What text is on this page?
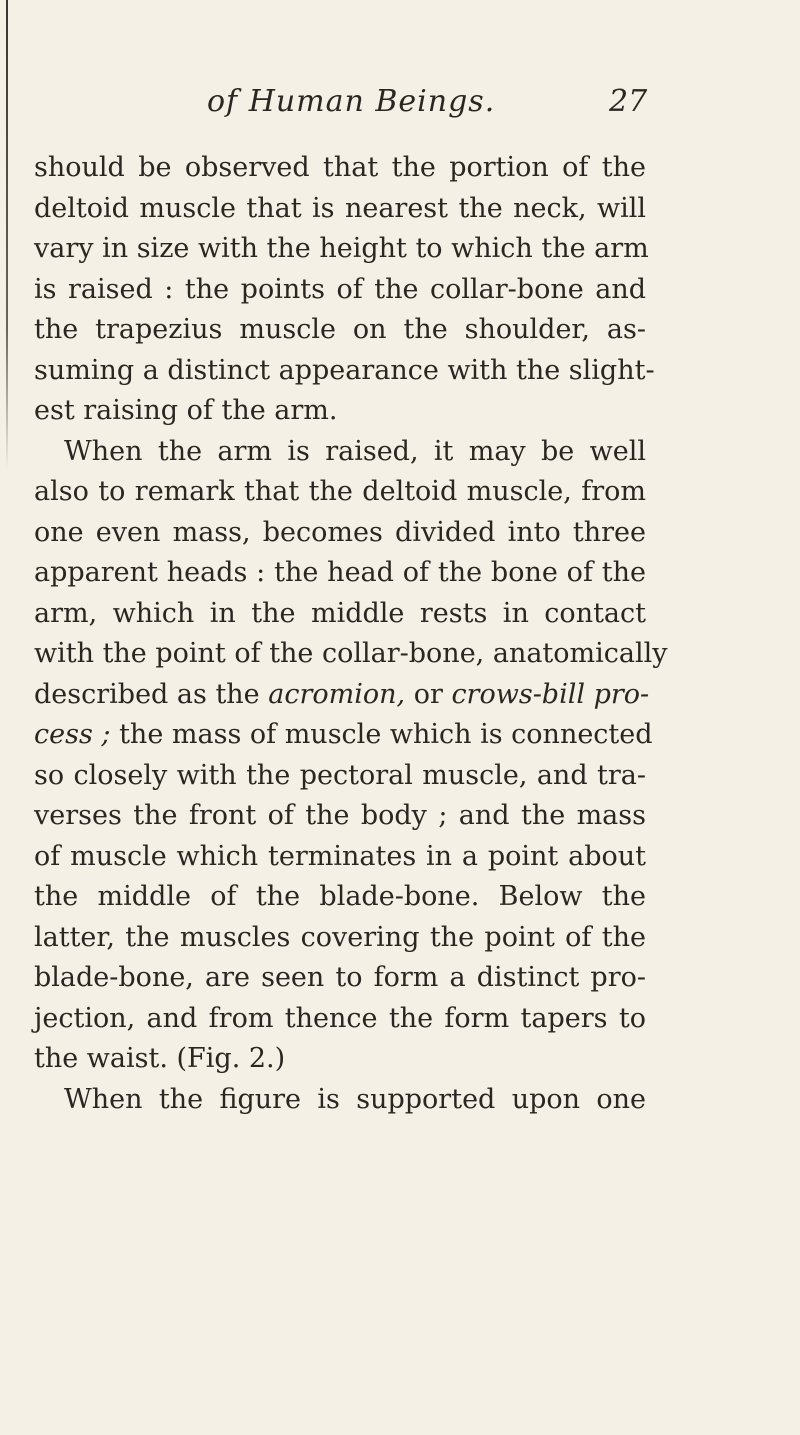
of Human Beings.	27
should be observed that the portion of the
deltoid muscle that is nearest the neck, will
vary in size with the height to which the arm
is raised : the points of the collar-bone and
the trapezius muscle on the shoulder, as-
suming a distinct appearance with the slight-
est raising of the arm.
When the arm is raised, it may be well
also to remark that the deltoid muscle, from
one even mass, becomes divided into three
apparent heads : the head of the bone of the
arm, which in the middle rests in contact
with the point of the collar-bone, anatomically
described as the acromion, or crows-bill pro-
cess ; the mass of muscle which is connected
so closely with the pectoral muscle, and tra-
verses the front of the body ; and the mass
of muscle which terminates in a point about
the middle of the blade-bone. Below the
latter, the muscles covering the point of the
blade-bone, are seen to form a distinct pro-
jection, and from thence the form tapers to
the waist. (Fig. 2.)
When the figure is supported upon one
